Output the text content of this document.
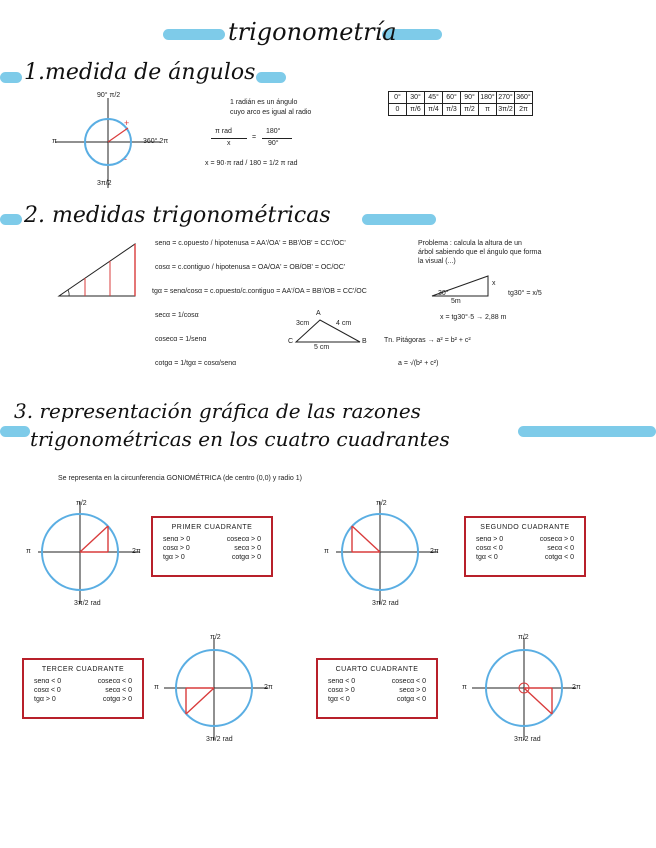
trigonometría
1.medida de ángulos
+
-
90° π/2
π	360° 2π
3π/2
1 radián es un ángulo
cuyo arco es igual al radio
π rad
x
=
180°
90°
x = 90·π rad / 180 = 1/2 π rad
0°	30°	45°	60°	90°	180°	270°	360°
0	π/6	π/4	π/3	π/2	π	3π/2	2π
2. medidas trigonométricas
senα = c.opuesto / hipotenusa = AA'/OA' = BB'/OB' = CC'/OC'
cosα = c.contiguo / hipotenusa = OA/OA' = OB/OB' = OC/OC'
tgα = senα/cosα = c.opuesto/c.contiguo = AA'/OA = BB'/OB = CC'/OC
secα = 1/cosα
cosecα = 1/senα
cotgα = 1/tgα = cosα/senα
A
B
C
5 cm
3cm	4 cm
Problema : calcula la altura de un
árbol sabiendo que el ángulo que forma
la visual (...)
30°
5m
x
tg30° = x/5
x = tg30°·5 → 2,88 m
Tn. Pitágoras → a² = b² + c²
a = √(b² + c²)
3. representación gráfica de las razones
trigonométricas en los cuatro cuadrantes
Se representa en la circunferencia GONIOMÉTRICA (de centro (0,0) y radio 1)
π/2
π	2π
3π/2 rad
PRIMER CUADRANTE
senα > 0	cosecα > 0
cosα > 0	secα > 0
tgα > 0	cotgα > 0
π/2
π	2π
3π/2 rad
SEGUNDO CUADRANTE
senα > 0	cosecα > 0
cosα < 0	secα < 0
tgα < 0	cotgα < 0
TERCER CUADRANTE
senα < 0	cosecα < 0
cosα < 0	secα < 0
tgα > 0	cotgα > 0
π/2
π	2π
3π/2 rad
CUARTO CUADRANTE
senα < 0	cosecα < 0
cosα > 0	secα > 0
tgα < 0	cotgα < 0
π/2
π	2π
3π/2 rad
